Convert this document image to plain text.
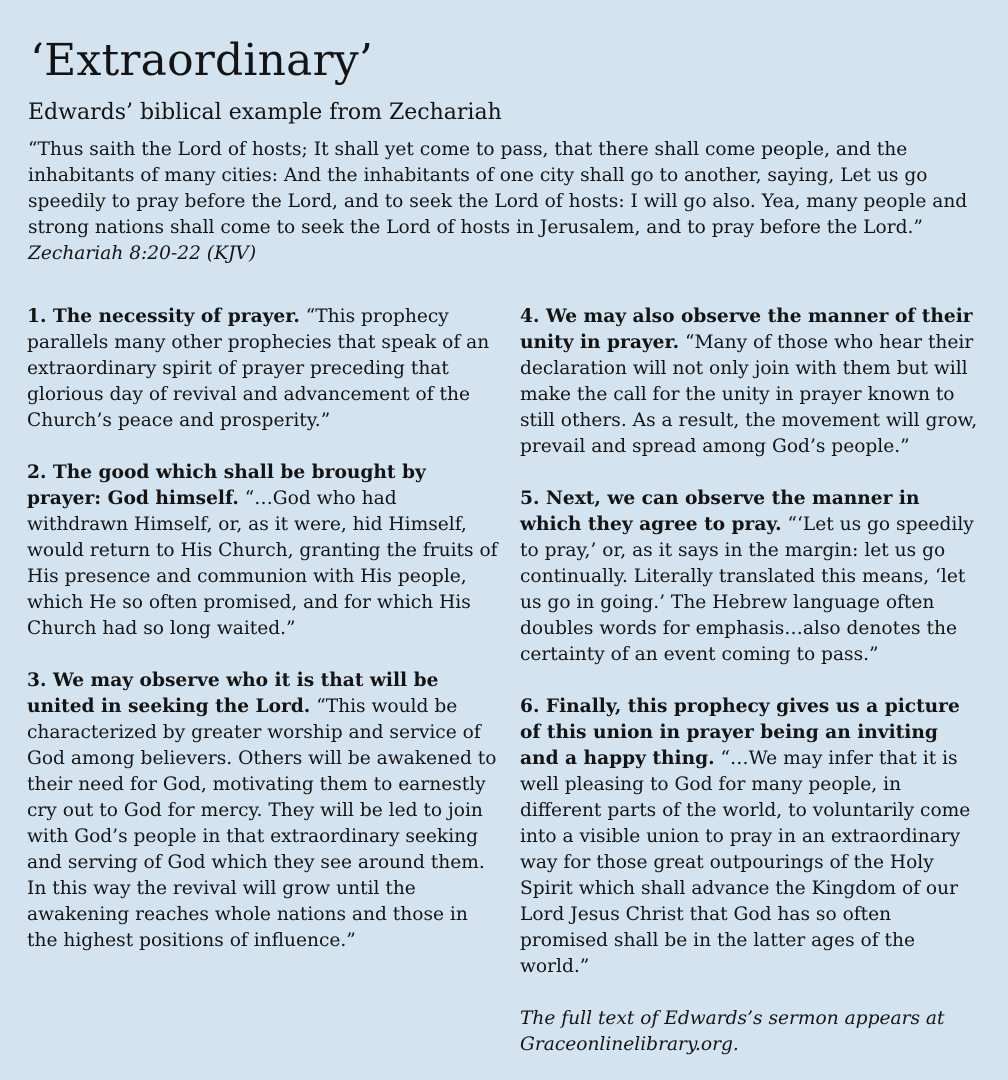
‘Extraordinary’
Edwards’ biblical example from Zechariah
“Thus saith the Lord of hosts; It shall yet come to pass, that there shall come people, and the inhabitants of many cities: And the inhabitants of one city shall go to another, saying, Let us go speedily to pray before the Lord, and to seek the Lord of hosts: I will go also. Yea, many people and strong nations shall come to seek the Lord of hosts in Jerusalem, and to pray before the Lord.”
Zechariah 8:20-22 (KJV)
1. The necessity of prayer. “This prophecy parallels many other prophecies that speak of an extraordinary spirit of prayer preceding that glorious day of revival and advancement of the Church’s peace and prosperity.”
2. The good which shall be brought by prayer: God himself. “…God who had withdrawn Himself, or, as it were, hid Himself, would return to His Church, granting the fruits of His presence and communion with His people, which He so often promised, and for which His Church had so long waited.”
3. We may observe who it is that will be united in seeking the Lord. “This would be characterized by greater worship and service of God among believers. Others will be awakened to their need for God, motivating them to earnestly cry out to God for mercy. They will be led to join with God’s people in that extraordinary seeking and serving of God which they see around them. In this way the revival will grow until the awakening reaches whole nations and those in the highest positions of influence.”
4. We may also observe the manner of their unity in prayer. “Many of those who hear their declaration will not only join with them but will make the call for the unity in prayer known to still others. As a result, the movement will grow, prevail and spread among God’s people.”
5. Next, we can observe the manner in which they agree to pray. “‘Let us go speedily to pray,’ or, as it says in the margin: let us go continually. Literally translated this means, ‘let us go in going.’ The Hebrew language often doubles words for emphasis…also denotes the certainty of an event coming to pass.”
6. Finally, this prophecy gives us a picture of this union in prayer being an inviting and a happy thing. “…We may infer that it is well pleasing to God for many people, in different parts of the world, to voluntarily come into a visible union to pray in an extraordinary way for those great outpourings of the Holy Spirit which shall advance the Kingdom of our Lord Jesus Christ that God has so often promised shall be in the latter ages of the world.”
The full text of Edwards’s sermon appears at Graceonlinelibrary.org.
